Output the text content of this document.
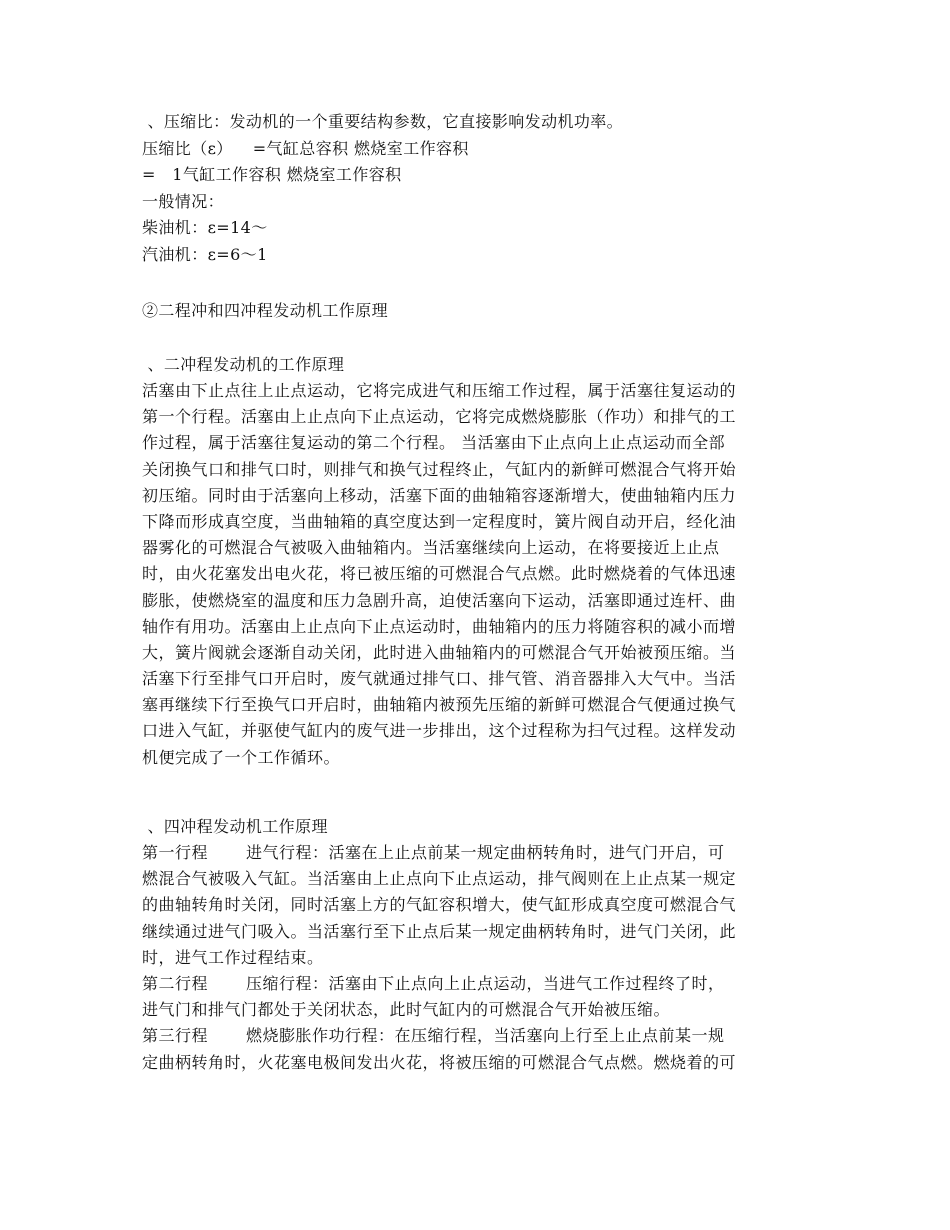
、压缩比：发动机的一个重要结构参数，它直接影响发动机功率。
压缩比（ε） =气缸总容积 燃烧室工作容积
=   1气缸工作容积 燃烧室工作容积
一般情况：
柴油机：ε=14～
汽油机：ε=6～1
②二程冲和四冲程发动机工作原理
、二冲程发动机的工作原理
活塞由下止点往上止点运动，它将完成进气和压缩工作过程，属于活塞往复运动的
第一个行程。活塞由上止点向下止点运动，它将完成燃烧膨胀（作功）和排气的工
作过程，属于活塞往复运动的第二个行程。 当活塞由下止点向上止点运动而全部
关闭换气口和排气口时，则排气和换气过程终止，气缸内的新鲜可燃混合气将开始
初压缩。同时由于活塞向上移动，活塞下面的曲轴箱容逐渐增大，使曲轴箱内压力
下降而形成真空度，当曲轴箱的真空度达到一定程度时，簧片阀自动开启，经化油
器雾化的可燃混合气被吸入曲轴箱内。当活塞继续向上运动，在将要接近上止点
时，由火花塞发出电火花，将已被压缩的可燃混合气点燃。此时燃烧着的气体迅速
膨胀，使燃烧室的温度和压力急剧升高，迫使活塞向下运动，活塞即通过连杆、曲
轴作有用功。活塞由上止点向下止点运动时，曲轴箱内的压力将随容积的减小而增
大，簧片阀就会逐渐自动关闭，此时进入曲轴箱内的可燃混合气开始被预压缩。当
活塞下行至排气口开启时，废气就通过排气口、排气管、消音器排入大气中。当活
塞再继续下行至换气口开启时，曲轴箱内被预先压缩的新鲜可燃混合气便通过换气
口进入气缸，并驱使气缸内的废气进一步排出，这个过程称为扫气过程。这样发动
机便完成了一个工作循环。
、四冲程发动机工作原理
第一行程 进气行程：活塞在上止点前某一规定曲柄转角时，进气门开启，可
燃混合气被吸入气缸。当活塞由上止点向下止点运动，排气阀则在上止点某一规定
的曲轴转角时关闭，同时活塞上方的气缸容积增大，使气缸形成真空度可燃混合气
继续通过进气门吸入。当活塞行至下止点后某一规定曲柄转角时，进气门关闭，此
时，进气工作过程结束。
第二行程 压缩行程：活塞由下止点向上止点运动，当进气工作过程终了时，
进气门和排气门都处于关闭状态，此时气缸内的可燃混合气开始被压缩。
第三行程 燃烧膨胀作功行程：在压缩行程，当活塞向上行至上止点前某一规
定曲柄转角时，火花塞电极间发出火花，将被压缩的可燃混合气点燃。燃烧着的可
